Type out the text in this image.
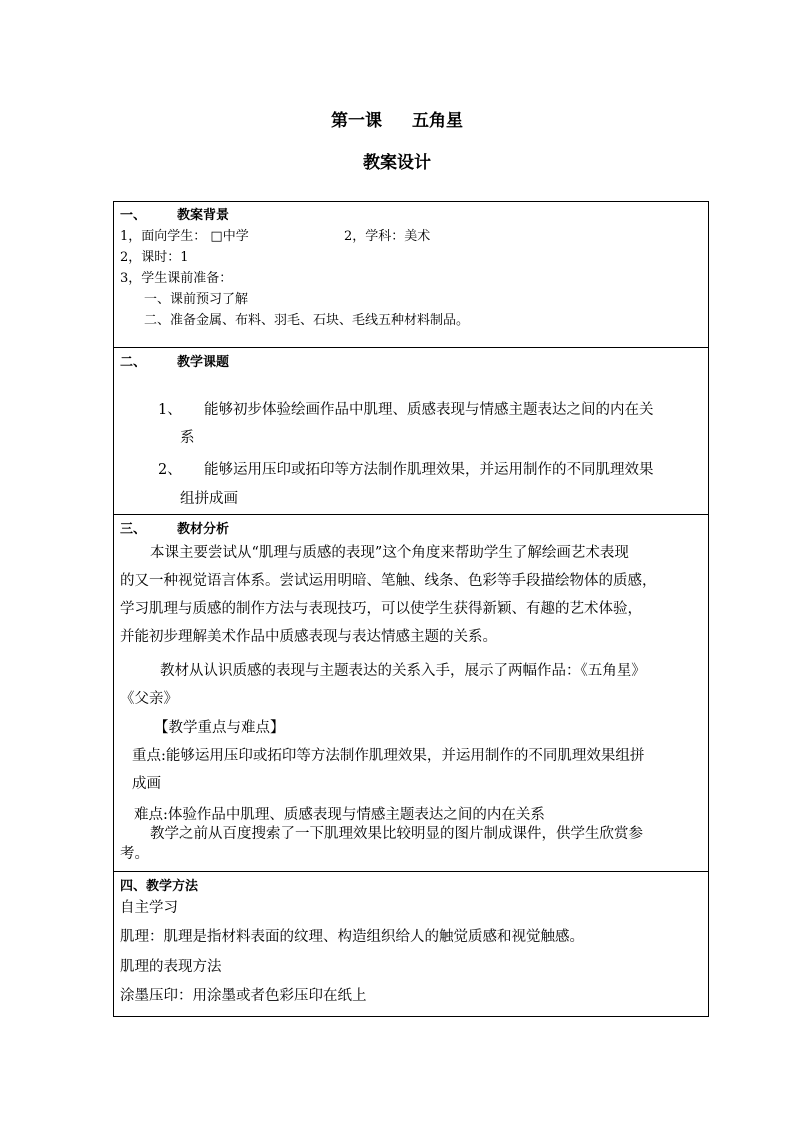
第一课 五角星
教案设计
一、 教案背景
1，面向学生： □中学	2，学科：美术
2，课时：1
3，学生课前准备：
一、课前预习了解
二、准备金属、布料、羽毛、石块、毛线五种材料制品。

二、 教学课题
1、 能够初步体验绘画作品中肌理、质感表现与情感主题表达之间的内在关
系
2、 能够运用压印或拓印等方法制作肌理效果，并运用制作的不同肌理效果
组拼成画

三、 教材分析
本课主要尝试从“肌理与质感的表现”这个角度来帮助学生了解绘画艺术表现
的又一种视觉语言体系。尝试运用明暗、笔触、线条、色彩等手段描绘物体的质感，
学习肌理与质感的制作方法与表现技巧，可以使学生获得新颖、有趣的艺术体验，
并能初步理解美术作品中质感表现与表达情感主题的关系。
教材从认识质感的表现与主题表达的关系入手，展示了两幅作品：《五角星》
《父亲》
【教学重点与难点】
重点:能够运用压印或拓印等方法制作肌理效果，并运用制作的不同肌理效果组拼
成画
难点:体验作品中肌理、质感表现与情感主题表达之间的内在关系
教学之前从百度搜索了一下肌理效果比较明显的图片制成课件，供学生欣赏参
考。

四、教学方法
自主学习
肌理：肌理是指材料表面的纹理、构造组织给人的触觉质感和视觉触感。
肌理的表现方法
涂墨压印：用涂墨或者色彩压印在纸上
